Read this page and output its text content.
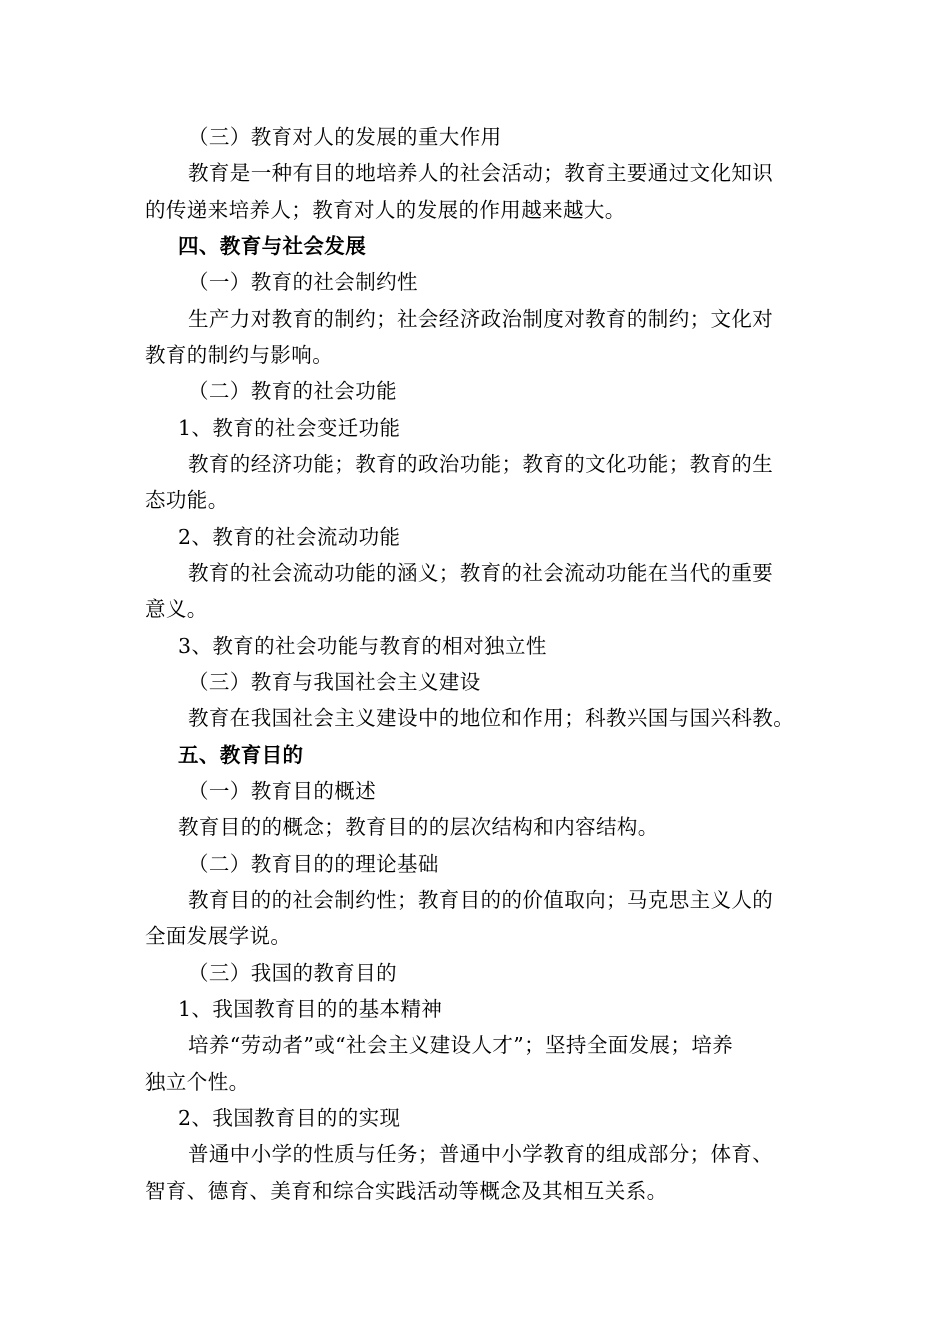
（三）教育对人的发展的重大作用
教育是一种有目的地培养人的社会活动；教育主要通过文化知识
的传递来培养人；教育对人的发展的作用越来越大。
四、教育与社会发展
（一）教育的社会制约性
生产力对教育的制约；社会经济政治制度对教育的制约；文化对
教育的制约与影响。
（二）教育的社会功能
1、教育的社会变迁功能
教育的经济功能；教育的政治功能；教育的文化功能；教育的生
态功能。
2、教育的社会流动功能
教育的社会流动功能的涵义；教育的社会流动功能在当代的重要
意义。
3、教育的社会功能与教育的相对独立性
（三）教育与我国社会主义建设
教育在我国社会主义建设中的地位和作用；科教兴国与国兴科教。
五、教育目的
（一）教育目的概述
教育目的的概念；教育目的的层次结构和内容结构。
（二）教育目的的理论基础
教育目的的社会制约性；教育目的的价值取向；马克思主义人的
全面发展学说。
（三）我国的教育目的
1、我国教育目的的基本精神
培养“劳动者”或“社会主义建设人才”；坚持全面发展；培养
独立个性。
2、我国教育目的的实现
普通中小学的性质与任务；普通中小学教育的组成部分；体育、
智育、德育、美育和综合实践活动等概念及其相互关系。
